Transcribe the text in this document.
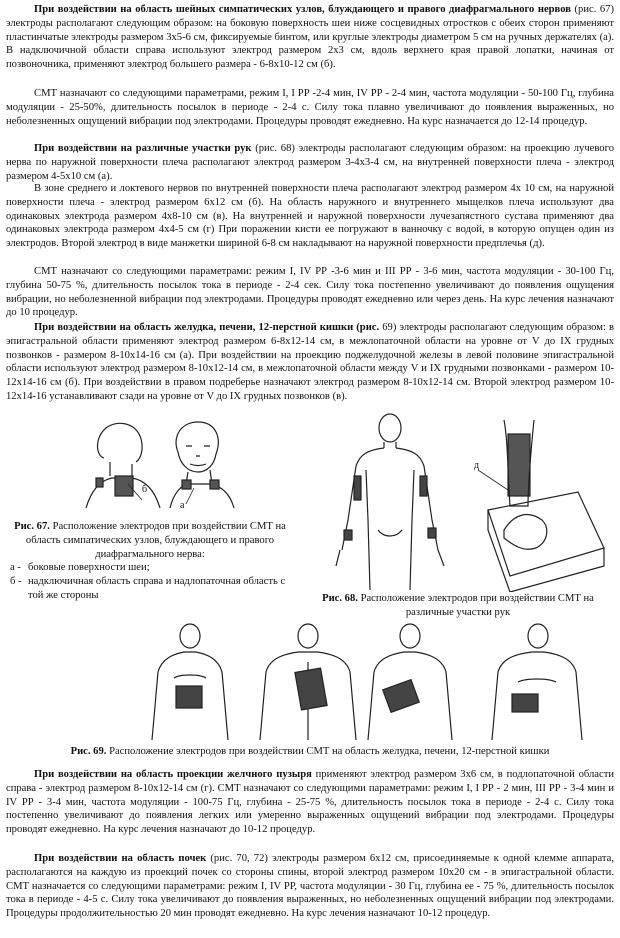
При воздействии на область шейных симпатических узлов, блуждающего и правого диафрагмального нервов (рис. 67) электроды располагают следующим образом: на боковую поверхность шеи ниже сосцевидных отростков с обеих сторон применяют пластинчатые электроды размером 3х5-6 см, фиксируемые бинтом, или круглые электроды диаметром 5 см на ручных держателях (а). В надключичной области справа используют электрод размером 2х3 см, вдоль верхнего края правой лопатки, начиная от позвоночника, применяют электрод большего размера - 6-8х10-12 см (б).

СМТ назначают со следующими параметрами, режим I, I РР -2-4 мин, IV РР - 2-4 мин, частота модуляции - 50-100 Гц, глубина модуляции - 25-50%, длительность посылок в периоде - 2-4 с. Силу тока плавно увеличивают до появления выраженных, но неболезненных ощущений вибрации под электродами. Процедуры проводят ежедневно. На курс назначается до 12-14 процедур.

При воздействии на различные участки рук (рис. 68) электроды располагают следующим образом: на проекцию лучевого нерва по наружной поверхности плеча располагают электрод размером 3-4х3-4 см, на внутренней поверхности плеча - электрод размером 4-5х10 см (а).

В зоне среднего и локтевого нервов по внутренней поверхности плеча располагают электрод размером 4х 10 см, на наружной поверхности плеча - электрод размером 6х12 см (б). На область наружного и внутреннего мыщелков плеча используют два одинаковых электрода размером 4х8-10 см (в). На внутренней и наружной поверхности лучезапястного сустава применяют два одинаковых электрода размером 4х4-5 см (г) При поражении кисти ее погружают в ванночку с водой, в которую опущен один из электродов. Второй электрод в виде манжетки шириной 6-8 см накладывают на наружной поверхности предплечья (д).

СМТ назначают со следующими параметрами: режим I, IV РР -3-6 мин и III РР - 3-6 мин, частота модуляции - 30-100 Гц, глубина 50-75 %, длительность посылок тока в периоде - 2-4 сек. Силу тока постепенно увеличивают до появления ощущения вибрации, но неболезненной вибрации под электродами. Процедуры проводят ежедневно или через день. На курс лечения назначают до 10 процедур.

При воздействии на область желудка, печени, 12-перстной кишки (рис. 69) электроды располагают следующим образом: в эпигастральной области применяют электрод размером 6-8х12-14 см, в межлопаточной области на уровне от V до IX грудных позвонков - размером 8-10х14-16 см (а). При воздействии на проекцию поджелудочной железы в левой половине эпигастральной области используют электрод размером 8-10х12-14 см, в межлопаточной области между V и IX грудными позвонками - размером 10-12х14-16 см (б). При воздействии в правом подреберье назначают электрод размером 8-10х12-14 см. Второй электрод размером 10-12х14-16 устанавливают сзади на уровне от V до IX грудных позвонков (в).

б
а
Рис. 67. Расположение электродов при воздействии СМТ на область симпатических узлов, блуждающего и правого диафрагмального нерва:
а - боковые поверхности шеи;
б - надключичная область справа и надлопаточная область с той же стороны
д
Рис. 68. Расположение электродов при воздействии СМТ на различные участки рук
Рис. 69. Расположение электродов при воздействии СМТ на область желудка, печени, 12-перстной кишки

При воздействии на область проекции желчного пузыря применяют электрод размером 3х6 см, в подлопаточной области справа - электрод размером 8-10х12-14 см (г). СМТ назначают со следующими параметрами: режим I, I РР - 2 мин, III РР - 3-4 мин и IV РР - 3-4 мин, частота модуляции - 100-75 Гц, глубина - 25-75 %, длительность посылок тока в периоде - 2-4 с. Силу тока постепенно увеличивают до появления легких или умеренно выраженных ощущений вибрации под электродами. Процедуры проводят ежедневно. На курс лечения назначают до 10-12 процедур.

При воздействии на область почек (рис. 70, 72) электроды размером 6х12 см, присоединяемые к одной клемме аппарата, располагаются на каждую из проекций почек со стороны спины, второй электрод размером 10х20 см - в эпигастральной области. СМТ назначается со следующими параметрами: режим I, IV РР, частота модуляции - 30 Гц, глубина ее - 75 %, длительность посылок тока в периоде - 4-5 с. Силу тока увеличивают до появления выраженных, но неболезненных ощущений вибрации под электродами. Процедуры продолжительностью 20 мин проводят ежедневно. На курс лечения назначают 10-12 процедур.
